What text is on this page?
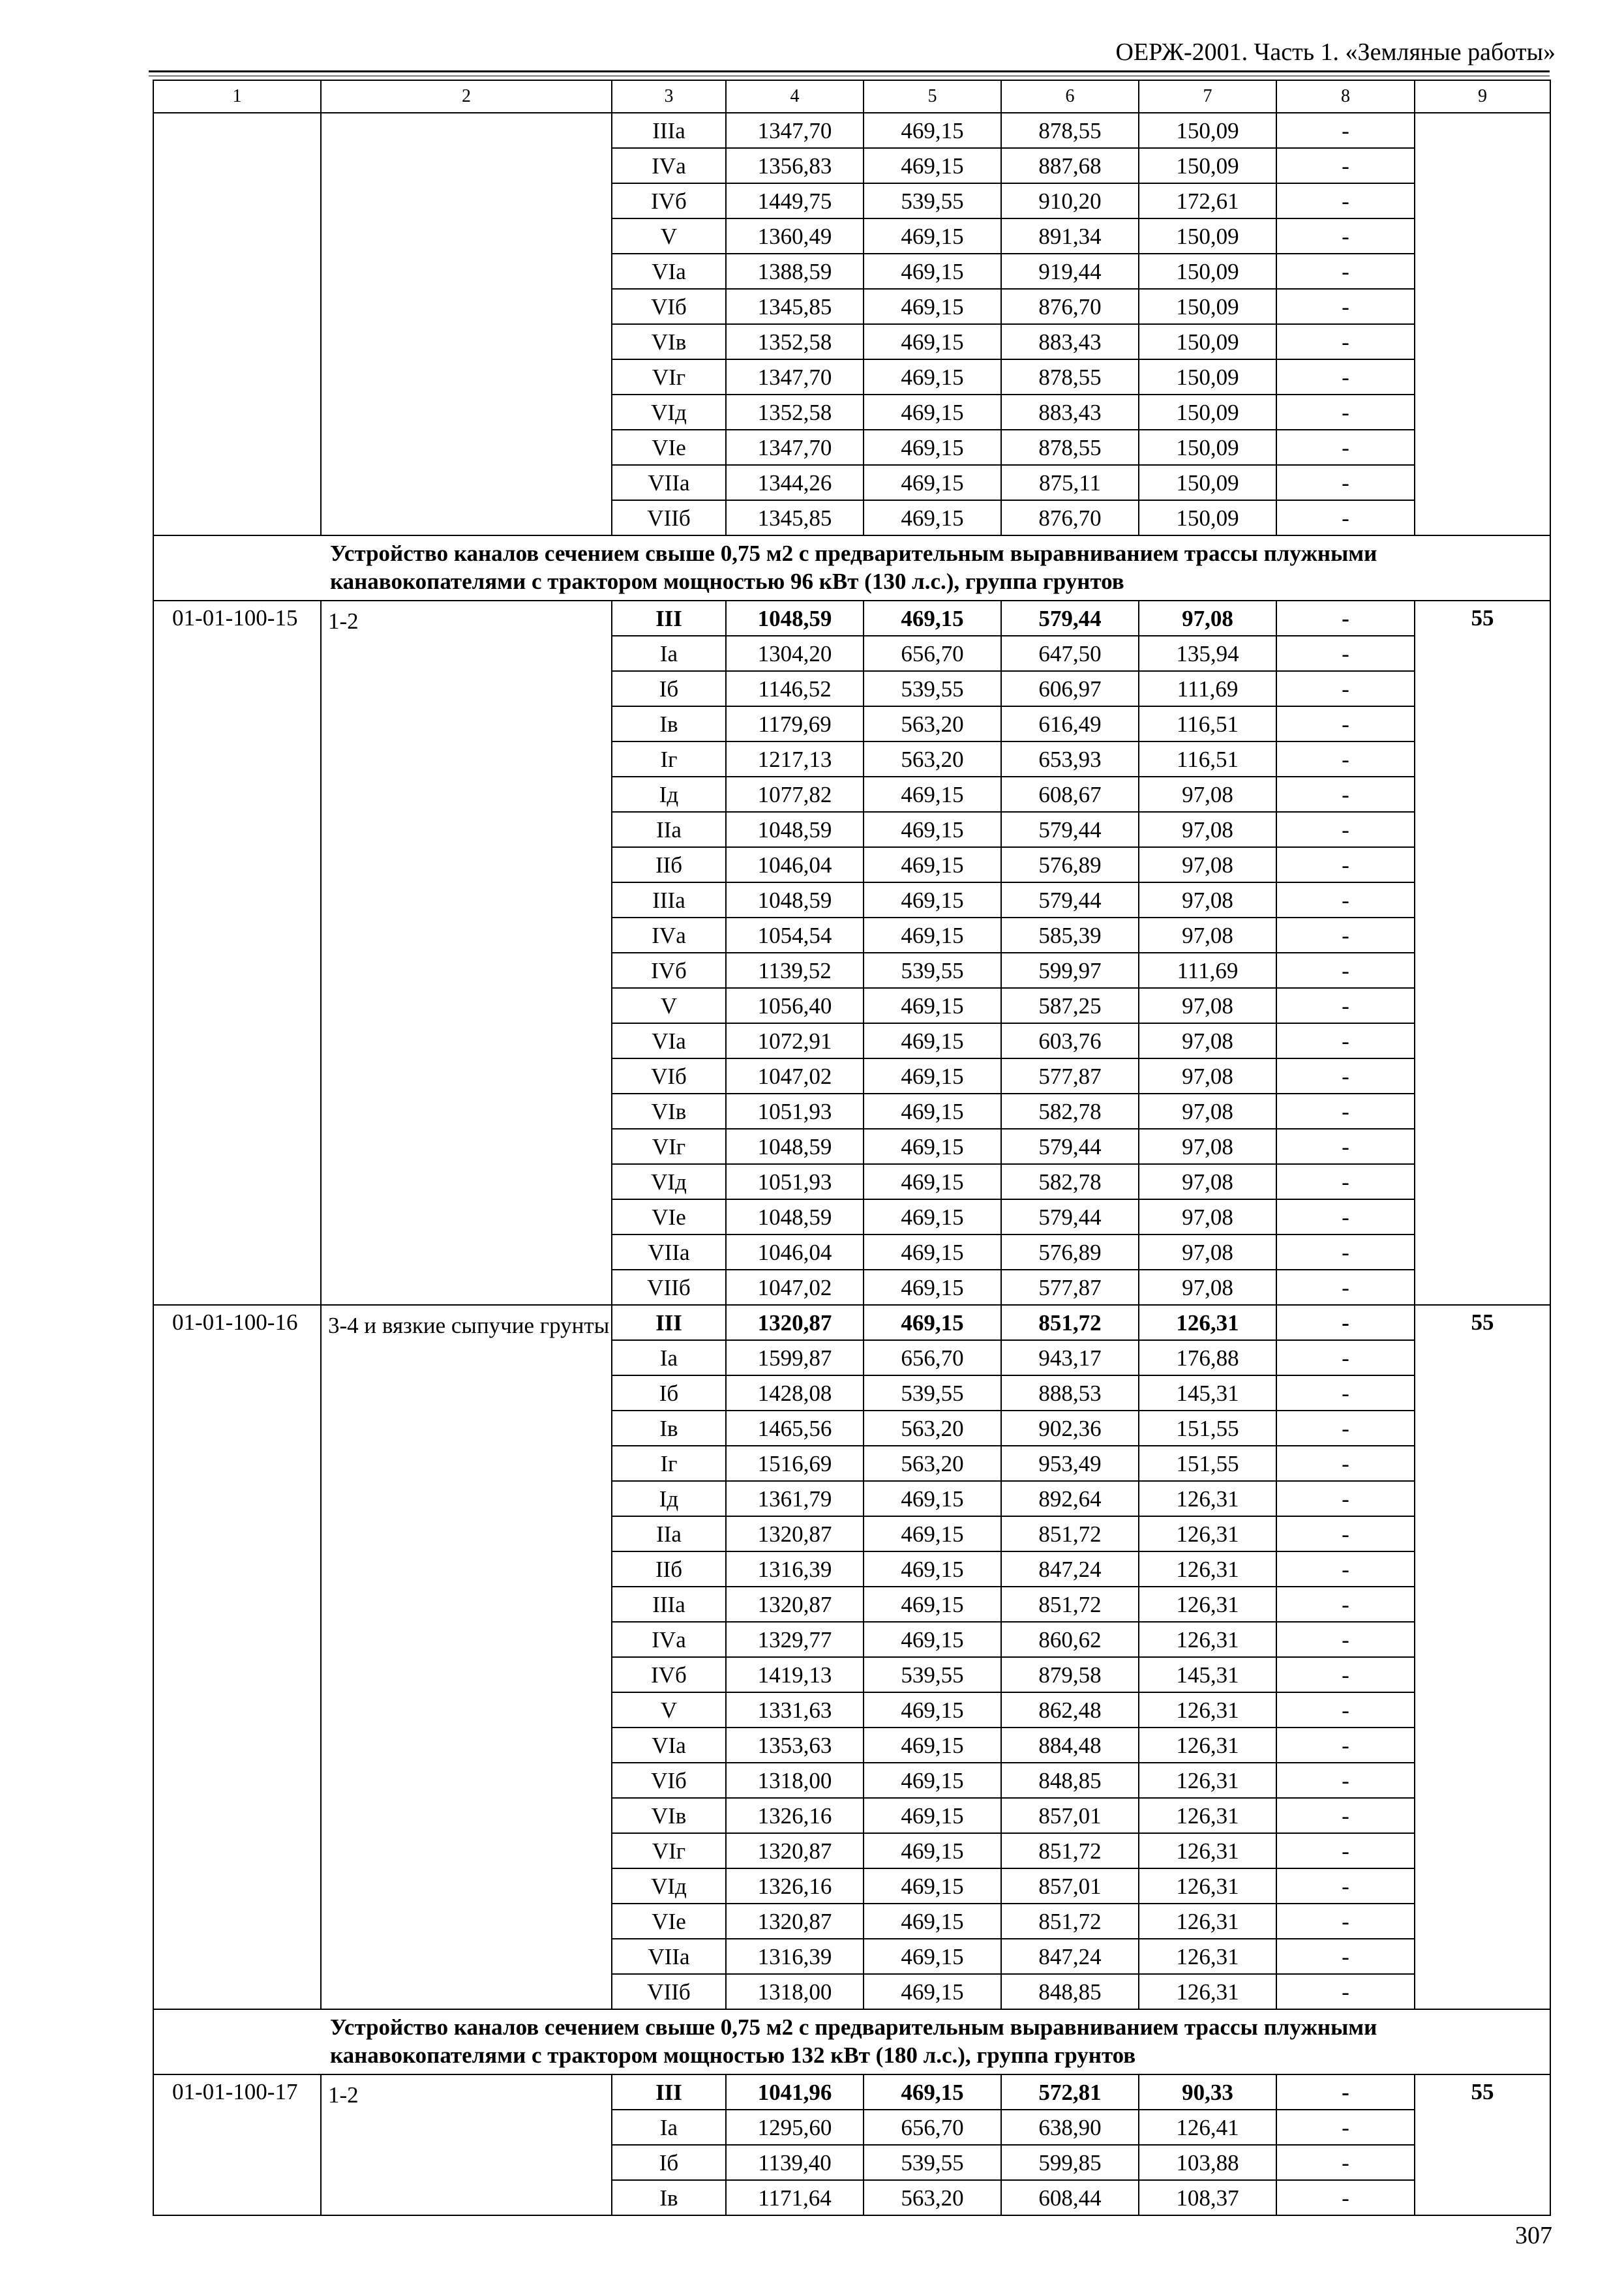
ОЕРЖ-2001. Часть 1. «Земляные работы»
1	2	3	4	5	6	7	8	9
		IIIа	1347,70	469,15	878,55	150,09	-	
		IVа	1356,83	469,15	887,68	150,09	-	
		IVб	1449,75	539,55	910,20	172,61	-	
		V	1360,49	469,15	891,34	150,09	-	
		VIа	1388,59	469,15	919,44	150,09	-	
		VIб	1345,85	469,15	876,70	150,09	-	
		VIв	1352,58	469,15	883,43	150,09	-	
		VIг	1347,70	469,15	878,55	150,09	-	
		VIд	1352,58	469,15	883,43	150,09	-	
		VIе	1347,70	469,15	878,55	150,09	-	
		VIIа	1344,26	469,15	875,11	150,09	-	
		VIIб	1345,85	469,15	876,70	150,09	-	
Устройство каналов сечением свыше 0,75 м2 с предварительным выравниванием трассы плужными канавокопателями с трактором мощностью 96 кВт (130 л.с.), группа грунтов								
01-01-100-15	1-2	III	1048,59	469,15	579,44	97,08	-	55
		Iа	1304,20	656,70	647,50	135,94	-	
		Iб	1146,52	539,55	606,97	111,69	-	
		Iв	1179,69	563,20	616,49	116,51	-	
		Iг	1217,13	563,20	653,93	116,51	-	
		Iд	1077,82	469,15	608,67	97,08	-	
		IIа	1048,59	469,15	579,44	97,08	-	
		IIб	1046,04	469,15	576,89	97,08	-	
		IIIа	1048,59	469,15	579,44	97,08	-	
		IVа	1054,54	469,15	585,39	97,08	-	
		IVб	1139,52	539,55	599,97	111,69	-	
		V	1056,40	469,15	587,25	97,08	-	
		VIа	1072,91	469,15	603,76	97,08	-	
		VIб	1047,02	469,15	577,87	97,08	-	
		VIв	1051,93	469,15	582,78	97,08	-	
		VIг	1048,59	469,15	579,44	97,08	-	
		VIд	1051,93	469,15	582,78	97,08	-	
		VIе	1048,59	469,15	579,44	97,08	-	
		VIIа	1046,04	469,15	576,89	97,08	-	
		VIIб	1047,02	469,15	577,87	97,08	-	
01-01-100-16	3-4 и вязкие сыпучие грунты	III	1320,87	469,15	851,72	126,31	-	55
		Iа	1599,87	656,70	943,17	176,88	-	
		Iб	1428,08	539,55	888,53	145,31	-	
		Iв	1465,56	563,20	902,36	151,55	-	
		Iг	1516,69	563,20	953,49	151,55	-	
		Iд	1361,79	469,15	892,64	126,31	-	
		IIа	1320,87	469,15	851,72	126,31	-	
		IIб	1316,39	469,15	847,24	126,31	-	
		IIIа	1320,87	469,15	851,72	126,31	-	
		IVа	1329,77	469,15	860,62	126,31	-	
		IVб	1419,13	539,55	879,58	145,31	-	
		V	1331,63	469,15	862,48	126,31	-	
		VIа	1353,63	469,15	884,48	126,31	-	
		VIб	1318,00	469,15	848,85	126,31	-	
		VIв	1326,16	469,15	857,01	126,31	-	
		VIг	1320,87	469,15	851,72	126,31	-	
		VIд	1326,16	469,15	857,01	126,31	-	
		VIе	1320,87	469,15	851,72	126,31	-	
		VIIа	1316,39	469,15	847,24	126,31	-	
		VIIб	1318,00	469,15	848,85	126,31	-	
Устройство каналов сечением свыше 0,75 м2 с предварительным выравниванием трассы плужными канавокопателями с трактором мощностью 132 кВт (180 л.с.), группа грунтов								
01-01-100-17	1-2	III	1041,96	469,15	572,81	90,33	-	55
		Iа	1295,60	656,70	638,90	126,41	-	
		Iб	1139,40	539,55	599,85	103,88	-	
		Iв	1171,64	563,20	608,44	108,37	-	
307
